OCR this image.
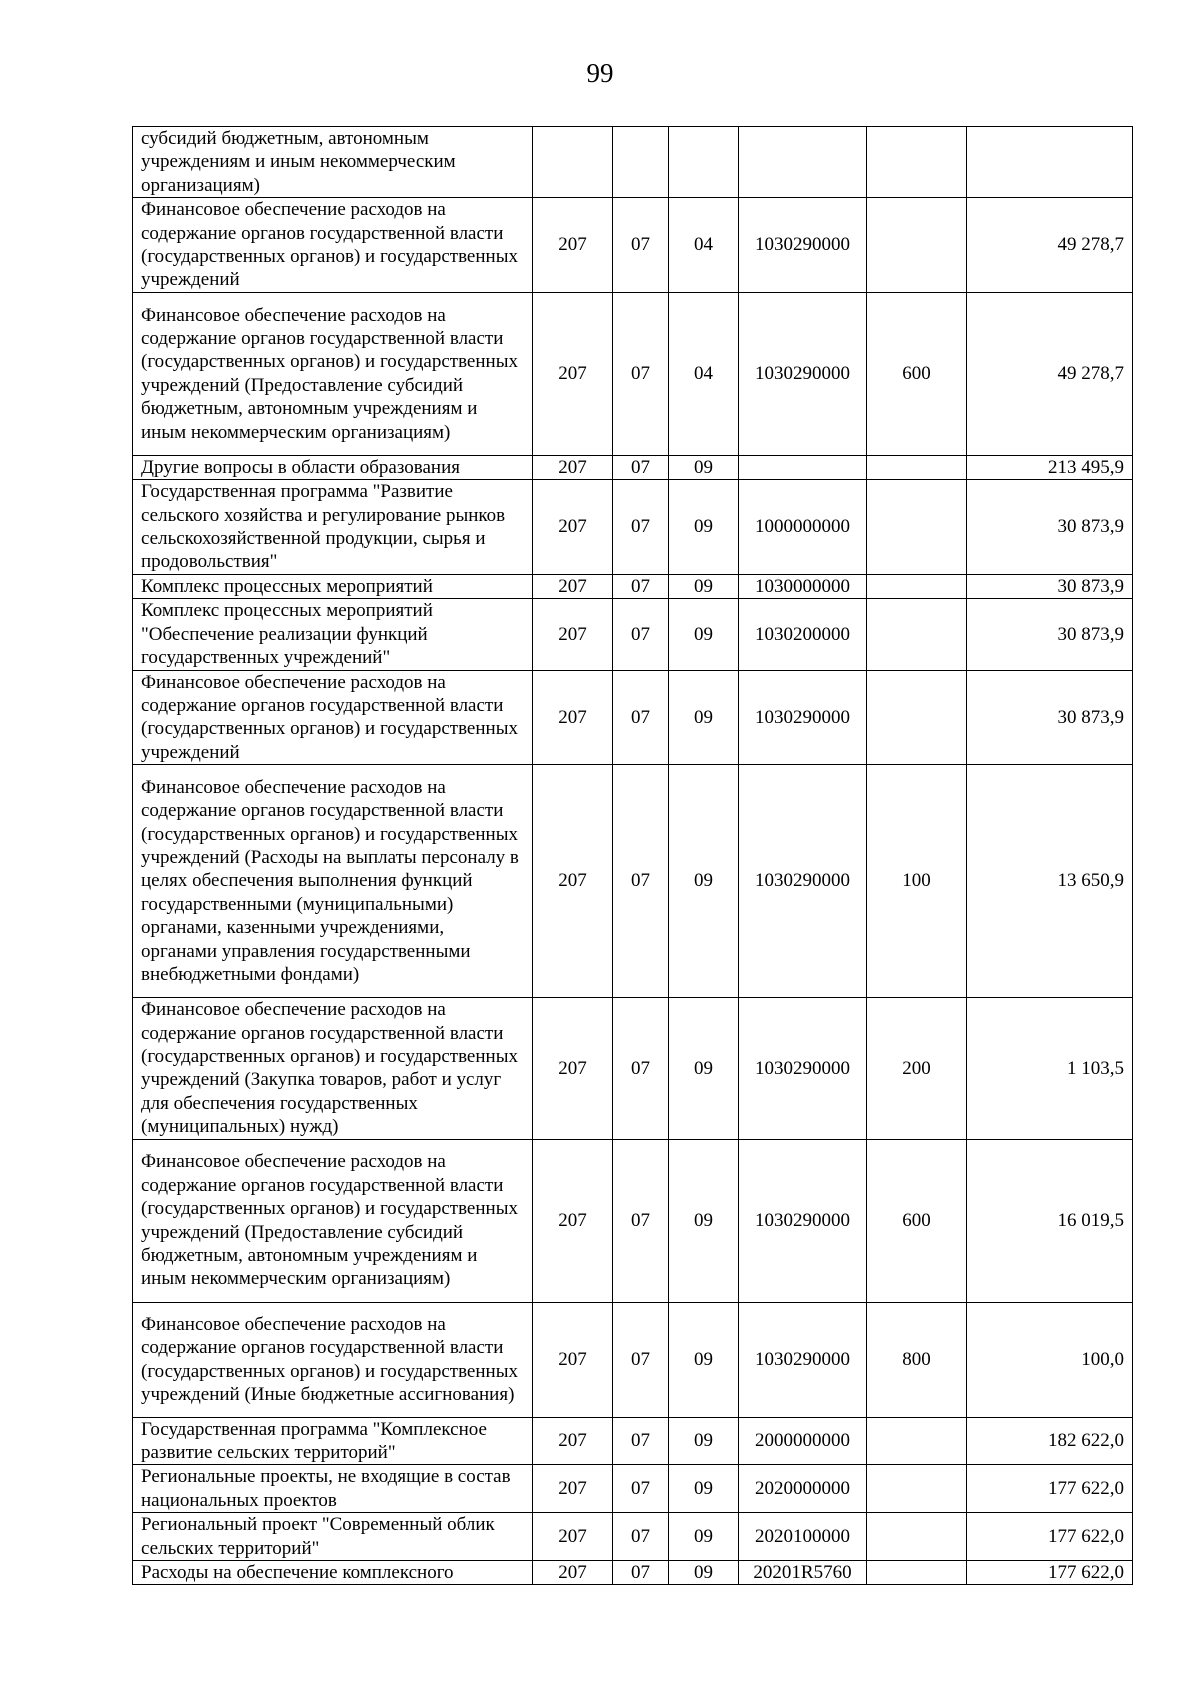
99
субсидий бюджетным, автономным учреждениям и иным некоммерческим организациям)						
Финансовое обеспечение расходов на содержание органов государственной власти (государственных органов) и государственных учреждений	207	07	04	1030290000		49 278,7
Финансовое обеспечение расходов на содержание органов государственной власти (государственных органов) и государственных учреждений (Предоставление субсидий бюджетным, автономным учреждениям и иным некоммерческим организациям)	207	07	04	1030290000	600	49 278,7
Другие вопросы в области образования	207	07	09			213 495,9
Государственная программа "Развитие сельского хозяйства и регулирование рынков сельскохозяйственной продукции, сырья и продовольствия"	207	07	09	1000000000		30 873,9
Комплекс процессных мероприятий	207	07	09	1030000000		30 873,9
Комплекс процессных мероприятий "Обеспечение реализации функций государственных учреждений"	207	07	09	1030200000		30 873,9
Финансовое обеспечение расходов на содержание органов государственной власти (государственных органов) и государственных учреждений	207	07	09	1030290000		30 873,9
Финансовое обеспечение расходов на содержание органов государственной власти (государственных органов) и государственных учреждений (Расходы на выплаты персоналу в целях обеспечения выполнения функций государственными (муниципальными) органами, казенными учреждениями, органами управления государственными внебюджетными фондами)	207	07	09	1030290000	100	13 650,9
Финансовое обеспечение расходов на содержание органов государственной власти (государственных органов) и государственных учреждений (Закупка товаров, работ и услуг для обеспечения государственных (муниципальных) нужд)	207	07	09	1030290000	200	1 103,5
Финансовое обеспечение расходов на содержание органов государственной власти (государственных органов) и государственных учреждений (Предоставление субсидий бюджетным, автономным учреждениям и иным некоммерческим организациям)	207	07	09	1030290000	600	16 019,5
Финансовое обеспечение расходов на содержание органов государственной власти (государственных органов) и государственных учреждений (Иные бюджетные ассигнования)	207	07	09	1030290000	800	100,0
Государственная программа "Комплексное развитие сельских территорий"	207	07	09	2000000000		182 622,0
Региональные проекты, не входящие в состав национальных проектов	207	07	09	2020000000		177 622,0
Региональный проект "Современный облик сельских территорий"	207	07	09	2020100000		177 622,0
Расходы на обеспечение комплексного	207	07	09	20201R5760		177 622,0
